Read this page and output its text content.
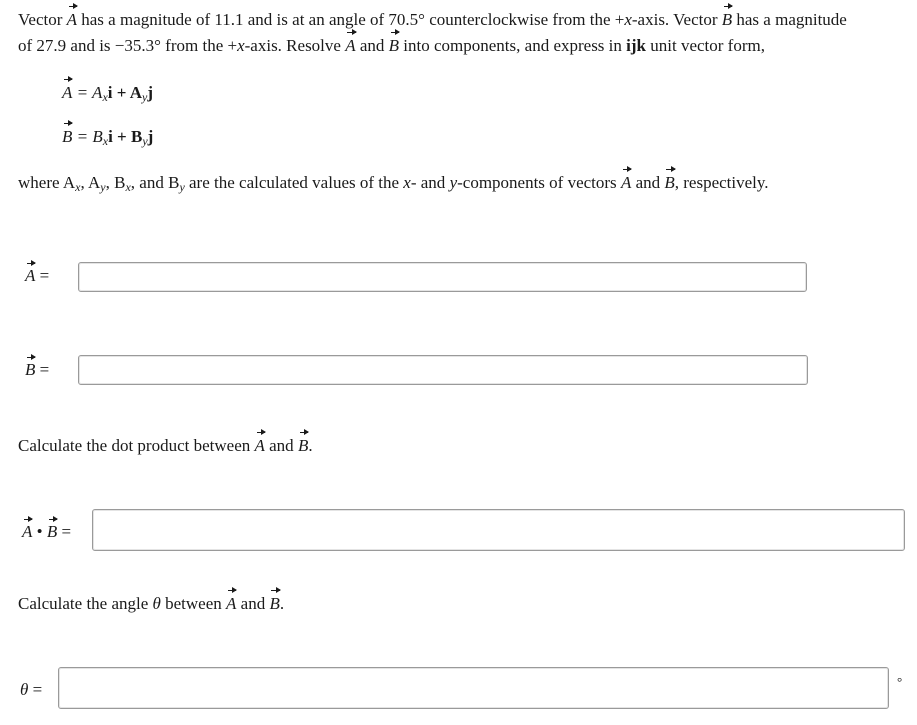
Vector A has a magnitude of 11.1 and is at an angle of 70.5° counterclockwise from the +x-axis. Vector B has a magnitude
of 27.9 and is −35.3° from the +x-axis. Resolve A and B into components, and express in ijk unit vector form,
$A = A_xi + A_yj$
$B = B_xi + B_yj$
where $A_x$, $A_y$, $B_x$, and $B_y$ are the calculated values of the x- and y-components of vectors A and B, respectively.
A =
B =
Calculate the dot product between A and B.
A • B =
Calculate the angle θ between A and B.
θ =	°
